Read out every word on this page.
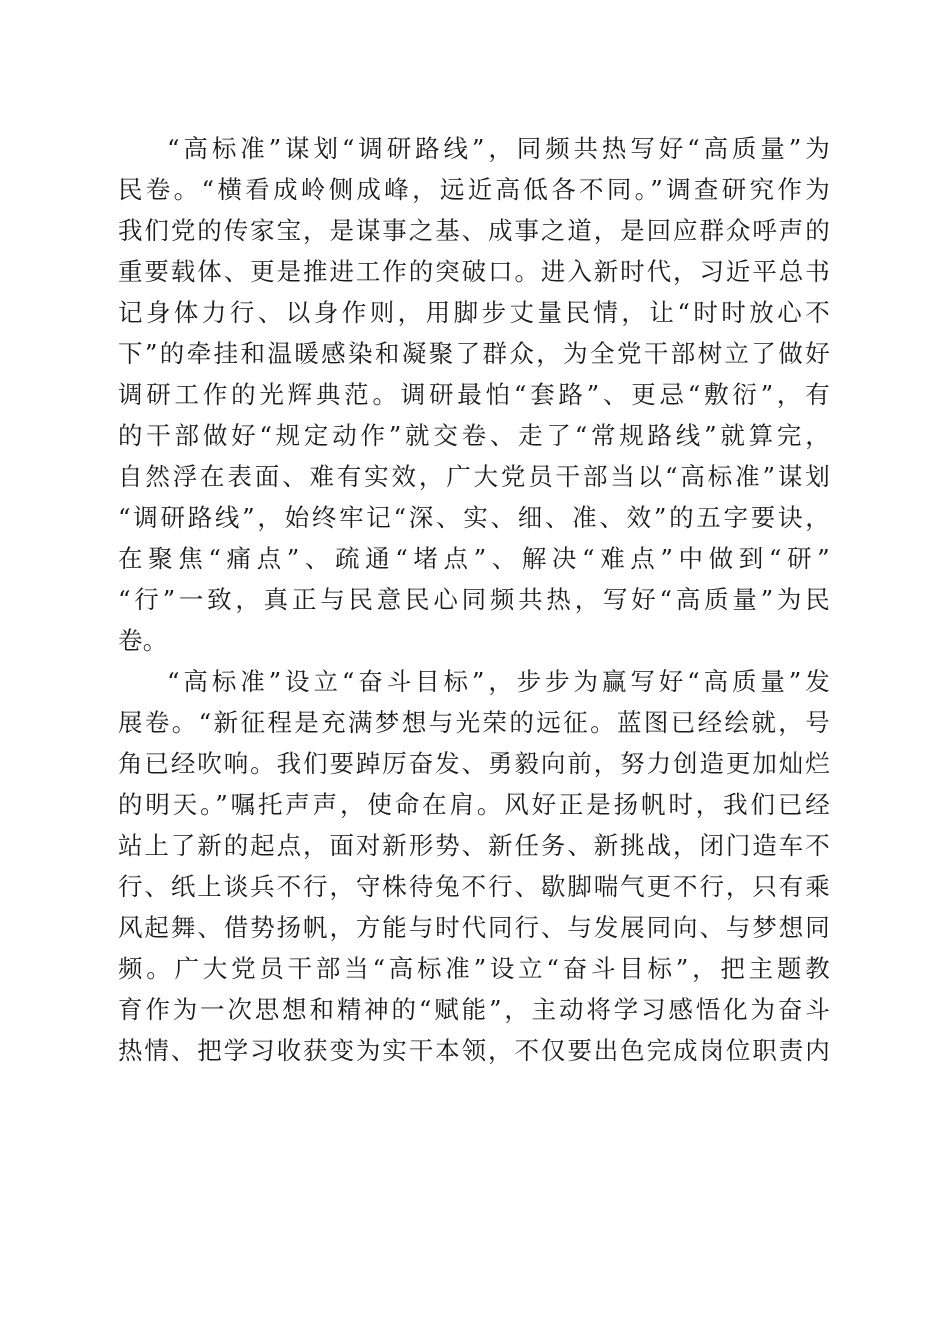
“高标准”谋划“调研路线”，同频共热写好“高质量”为
民卷。“横看成岭侧成峰，远近高低各不同。”调查研究作为
我们党的传家宝，是谋事之基、成事之道，是回应群众呼声的
重要载体、更是推进工作的突破口。进入新时代，习近平总书
记身体力行、以身作则，用脚步丈量民情，让“时时放心不
下”的牵挂和温暖感染和凝聚了群众，为全党干部树立了做好
调研工作的光辉典范。调研最怕“套路”、更忌“敷衍”，有
的干部做好“规定动作”就交卷、走了“常规路线”就算完，
自然浮在表面、难有实效，广大党员干部当以“高标准”谋划
“调研路线”，始终牢记“深、实、细、准、效”的五字要诀，
在聚焦“痛点”、疏通“堵点”、解决“难点”中做到“研”
“行”一致，真正与民意民心同频共热，写好“高质量”为民
卷。
“高标准”设立“奋斗目标”，步步为赢写好“高质量”发
展卷。“新征程是充满梦想与光荣的远征。蓝图已经绘就，号
角已经吹响。我们要踔厉奋发、勇毅向前，努力创造更加灿烂
的明天。”嘱托声声，使命在肩。风好正是扬帆时，我们已经
站上了新的起点，面对新形势、新任务、新挑战，闭门造车不
行、纸上谈兵不行，守株待兔不行、歇脚喘气更不行，只有乘
风起舞、借势扬帆，方能与时代同行、与发展同向、与梦想同
频。广大党员干部当“高标准”设立“奋斗目标”，把主题教
育作为一次思想和精神的“赋能”，主动将学习感悟化为奋斗
热情、把学习收获变为实干本领，不仅要出色完成岗位职责内
